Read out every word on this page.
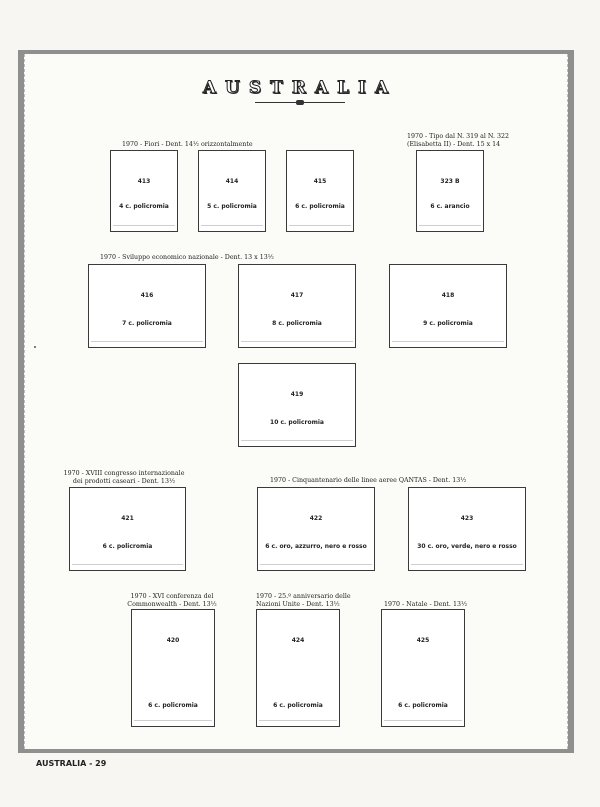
AUSTRALIA
1970 - Fiori - Dent. 14½ orizzontalmente
1970 - Tipo dal N. 319 al N. 322
(Elisabetta II) - Dent. 15 x 14
1970 - Sviluppo economico nazionale - Dent. 13 x 13½
1970 - XVIII congresso internazionale
dei prodotti caseari - Dent. 13½	1970 - Cinquantenario delle linee aeree QANTAS - Dent. 13½
1970 - XVI conferenza del
Commonwealth - Dent. 13½
1970 - 25.º anniversario delle
Nazioni Unite - Dent. 13½	1970 - Natale - Dent. 13½
413
4 c. policromia
414
5 c. policromia
415
6 c. policromia
323 B
6 c. arancio
416
7 c. policromia
417
8 c. policromia
418
9 c. policromia
419
10 c. policromia
421
6 c. policromia
422
6 c. oro, azzurro, nero e rosso
423
30 c. oro, verde, nero e rosso
420
6 c. policromia
424
6 c. policromia
425
6 c. policromia
AUSTRALIA - 29
